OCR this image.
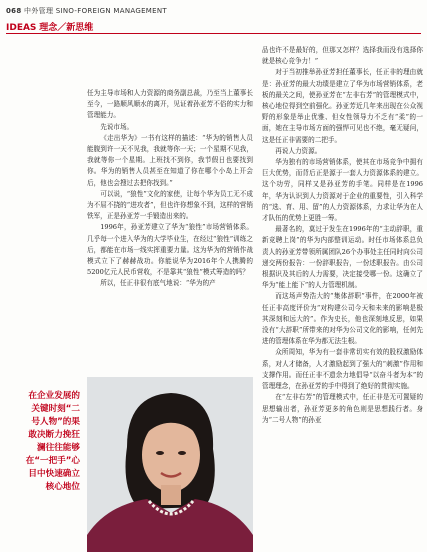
068 中外管理 SINO-FOREIGN MANAGEMENT
IDEAS 理念／新思维

任为主导市场和人力资源的商务副总裁，乃至当上董事长至今，一路顺风顺水的离开，见证着孙亚芳不俗的实力和管理能力。

先说市场。

《走出华为》一书有这样的描述：“华为的销售人员能腹到许一天不见我，我就等你一天；一个星期不见我，我就等你一个星期。上班找不到你，我节假日也要找到你。华为的销售人员甚至在知道了你在哪个小岛上开会后，他也会搜过去把你找到。”

可以说，“狼性”文化的家使，让每个华为员工无不成为不屈不挠的“进攻者”，但也许你想象不到，这样的营销铁军，正是孙亚芳一手锻造出来的。

1996年，孙亚芳建立了华为“狼性”市场营销体系。几乎每一个进入华为的大学毕业生，在经过“狼性”训练之后，都能在市场一线实挥重要力量。这为华为的营销作战模式立下了赫赫战功。你能说华为2016年个人携腾的5200亿元人民币营收，不是靠其“狼性”模式筹造的吗？

所以，任正非很有底气地说：“华为的产

品也许不是最好的，但那又怎样？选择我而没有选择你就是核心竞争力！”

对于当初推举孙亚芳担任董事长，任正非的理由就是：孙亚芳的最大功绩是建立了华为市场营销体系，老板的最关之间，使孙亚芳在“左非右芳”的管理模式中，核心地位得到空前强化。孙亚芳近几年来出现在公众视野的形象是举止优雅、但女性领导力不乏有“柔”的一面，她在主导市场方面的强悍可见也不绝，毫无疑问，这是任正非需要的二把手。

再说人力资源。

华为独有的市场营销体系，使其在市场竞争中拥有巨大优势，而背后正是源于一套人力资源体系的建立。这个功劳，同样又是孙亚芳的手笔。同样是在1996年，华为认识到人力资源对于企业的重要性，引入科学的“选、育、用、留”的人力资源体系，力求让华为在人才队伍的优势上更胜一筹。

最著名的，莫过于发生在1996年的“主动辞职，重新竞聘上岗”的华为内部整训运动。时任市场体系总负责人的孙亚芳带领所属团队26个办事处主任同时向公司递交两份报告：一份辞职报告，一份述职报告。由公司根据识及其后的人力需要，决定接受哪一份。这确立了华为“能上能下”的人力管理机制。

而这场声势浩大的“集体辞职”事件，在2000年被任正非高度评价为“对构建公司今天和未来的影响是极其深刻和远大的”。作为史长，他也深刻地反思，如果没有“大辞职”所带来的对华为公司文化的影响，任何先进的管理体系在华为都无法生根。

众所周知，华为有一套非常切实有效的股权激励体系，对人才储备，人才激励起到了强大的“刺激”作用和支撑作用。而任正非不遗余力地倡导“以奋斗者为本”的管理理念，在孙亚芳的手中得到了绝好的贯彻实施。

在“左非右芳”的管理模式中，任正非是无可置疑的思想输出者，孙亚芳更多的角色则是思想践行者。身为“二号人物”的孙亚

在企业发展的关键时刻“二号人物”的果敢决断力挽狂澜往往能够在“一把手”心目中快速确立核心地位
